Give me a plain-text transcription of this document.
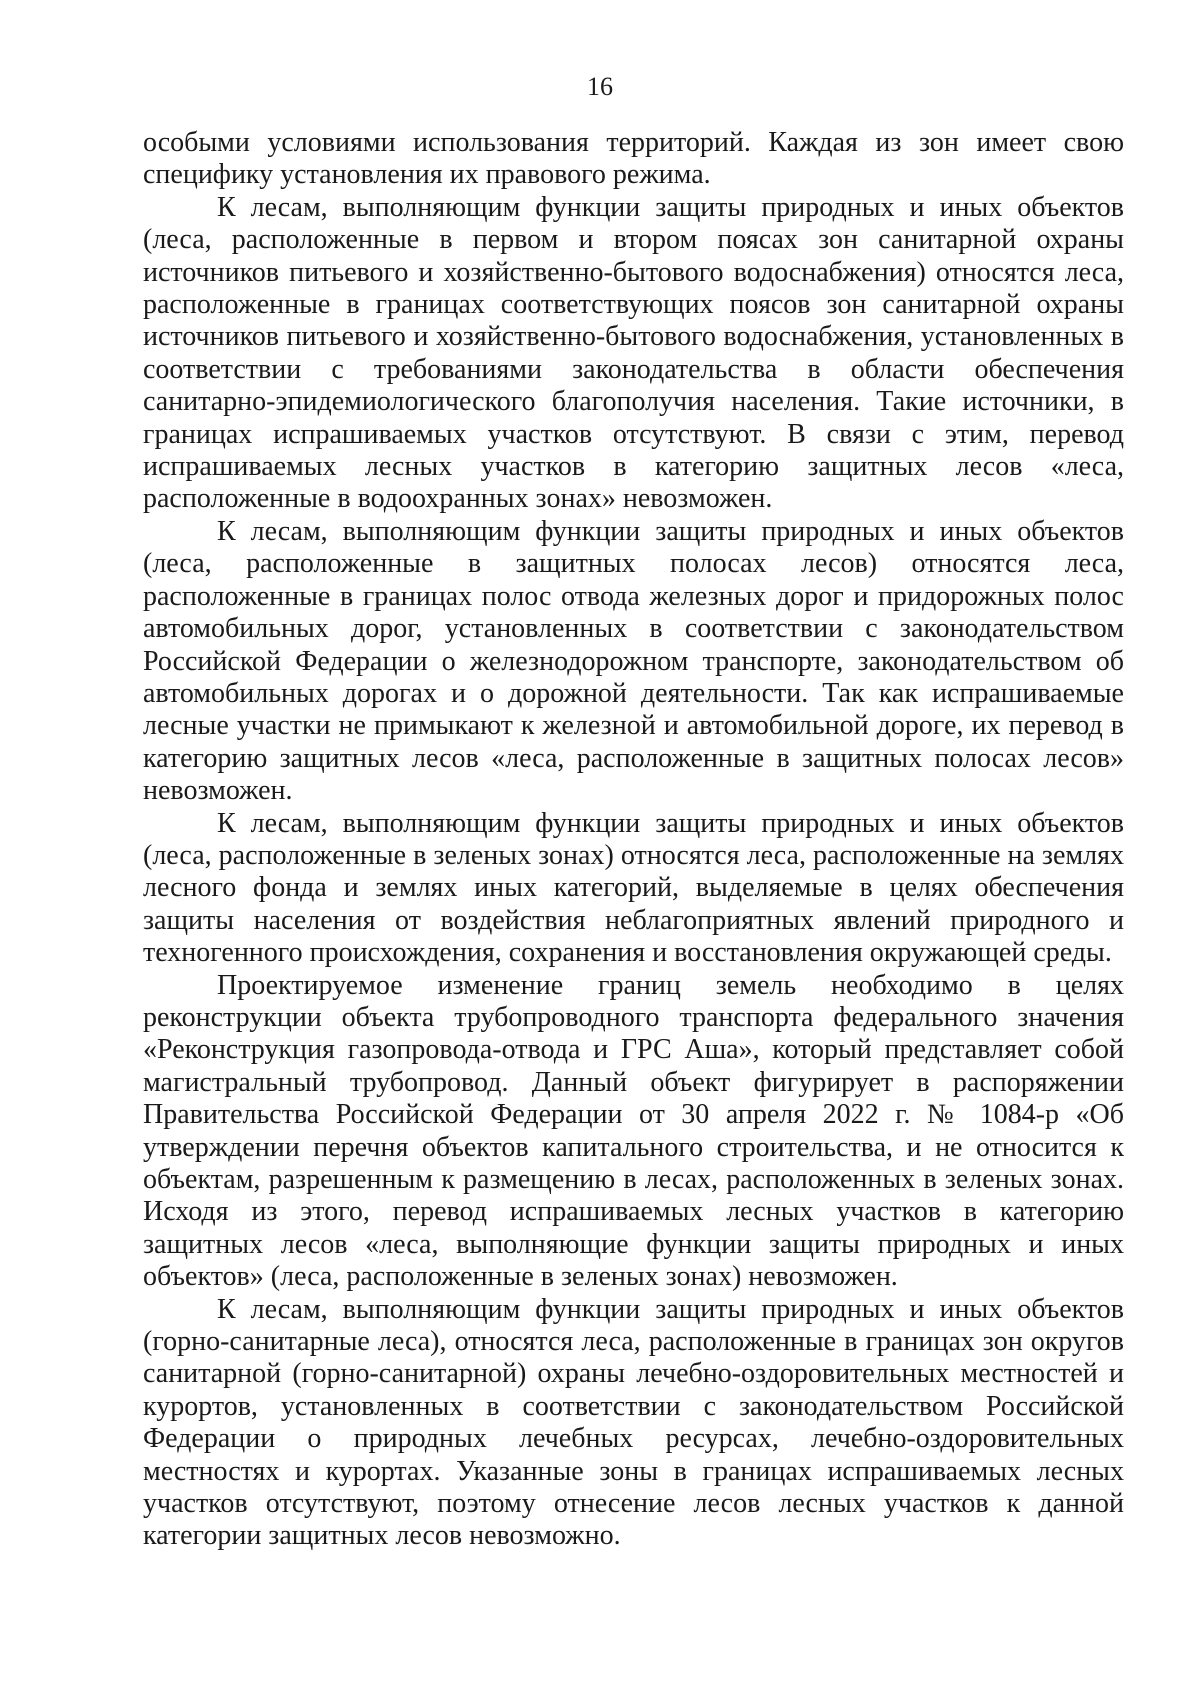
16

особыми условиями использования территорий. Каждая из зон имеет свою специфику установления их правового режима.

К лесам, выполняющим функции защиты природных и иных объектов (леса, расположенные в первом и втором поясах зон санитарной охраны источников питьевого и хозяйственно-бытового водоснабжения) относятся леса, расположенные в границах соответствующих поясов зон санитарной охраны источников питьевого и хозяйственно-бытового водоснабжения, установленных в соответствии с требованиями законодательства в области обеспечения санитарно-эпидемиологического благополучия населения. Такие источники, в границах испрашиваемых участков отсутствуют. В связи с этим, перевод испрашиваемых лесных участков в категорию защитных лесов «леса, расположенные в водоохранных зонах» невозможен.

К лесам, выполняющим функции защиты природных и иных объектов (леса, расположенные в защитных полосах лесов) относятся леса, расположенные в границах полос отвода железных дорог и придорожных полос автомобильных дорог, установленных в соответствии с законодательством Российской Федерации о железнодорожном транспорте, законодательством об автомобильных дорогах и о дорожной деятельности. Так как испрашиваемые лесные участки не примыкают к железной и автомобильной дороге, их перевод в категорию защитных лесов «леса, расположенные в защитных полосах лесов» невозможен.

К лесам, выполняющим функции защиты природных и иных объектов (леса, расположенные в зеленых зонах) относятся леса, расположенные на землях лесного фонда и землях иных категорий, выделяемые в целях обеспечения защиты населения от воздействия неблагоприятных явлений природного и техногенного происхождения, сохранения и восстановления окружающей среды.

Проектируемое изменение границ земель необходимо в целях реконструкции объекта трубопроводного транспорта федерального значения «Реконструкция газопровода-отвода и ГРС Аша», который представляет собой магистральный трубопровод. Данный объект фигурирует в распоряжении Правительства Российской Федерации от 30 апреля 2022 г. № 1084-р «Об утверждении перечня объектов капитального строительства, и не относится к объектам, разрешенным к размещению в лесах, расположенных в зеленых зонах. Исходя из этого, перевод испрашиваемых лесных участков в категорию защитных лесов «леса, выполняющие функции защиты природных и иных объектов» (леса, расположенные в зеленых зонах) невозможен.

К лесам, выполняющим функции защиты природных и иных объектов (горно-санитарные леса), относятся леса, расположенные в границах зон округов санитарной (горно-санитарной) охраны лечебно-оздоровительных местностей и курортов, установленных в соответствии с законодательством Российской Федерации о природных лечебных ресурсах, лечебно-оздоровительных местностях и курортах. Указанные зоны в границах испрашиваемых лесных участков отсутствуют, поэтому отнесение лесов лесных участков к данной категории защитных лесов невозможно.
